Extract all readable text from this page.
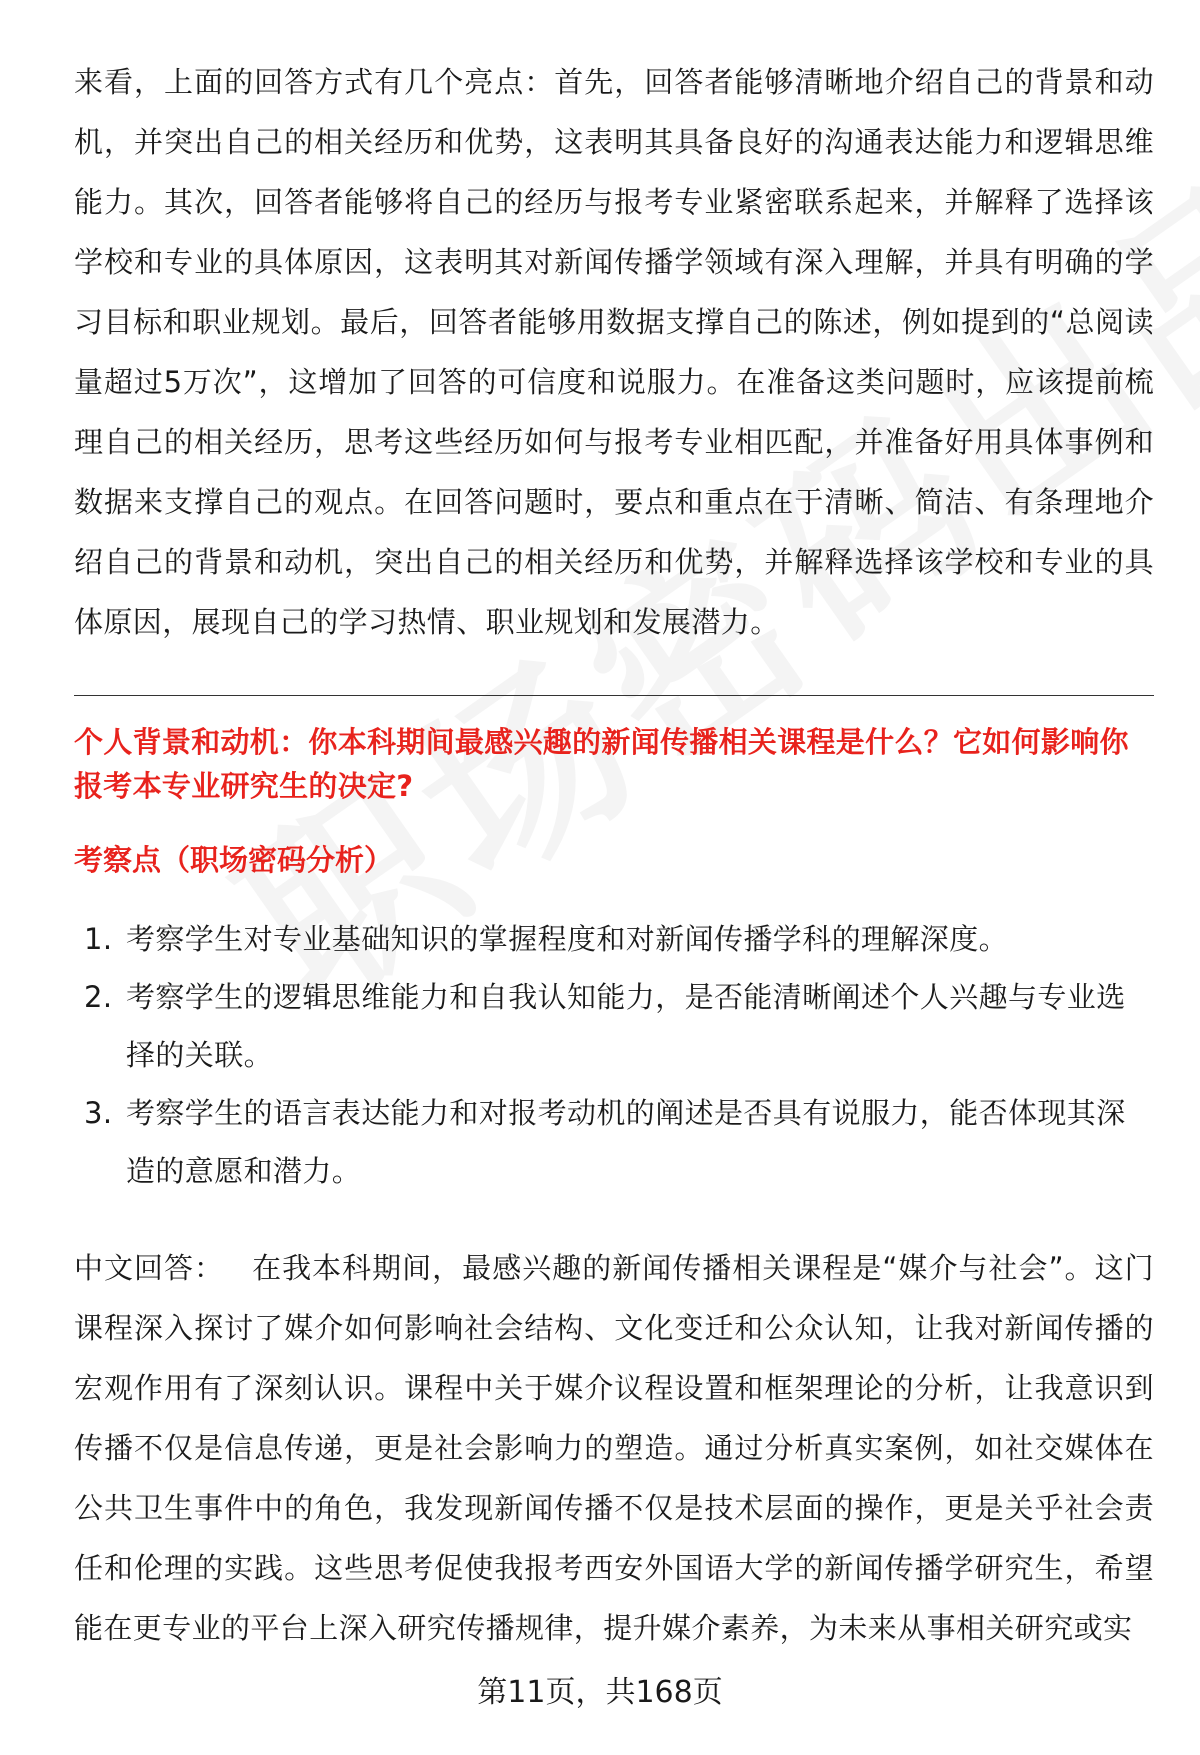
来看，上面的回答方式有几个亮点：首先，回答者能够清晰地介绍自己的背景和动机，并突出自己的相关经历和优势，这表明其具备良好的沟通表达能力和逻辑思维能力。其次，回答者能够将自己的经历与报考专业紧密联系起来，并解释了选择该学校和专业的具体原因，这表明其对新闻传播学领域有深入理解，并具有明确的学习目标和职业规划。最后，回答者能够用数据支撑自己的陈述，例如提到的“总阅读量超过5万次”，这增加了回答的可信度和说服力。在准备这类问题时，应该提前梳理自己的相关经历，思考这些经历如何与报考专业相匹配，并准备好用具体事例和数据来支撑自己的观点。在回答问题时，要点和重点在于清晰、简洁、有条理地介绍自己的背景和动机，突出自己的相关经历和优势，并解释选择该学校和专业的具体原因，展现自己的学习热情、职业规划和发展潜力。
个人背景和动机：你本科期间最感兴趣的新闻传播相关课程是什么？它如何影响你报考本专业研究生的决定?
考察点（职场密码分析）
1. 考察学生对专业基础知识的掌握程度和对新闻传播学科的理解深度。
2. 考察学生的逻辑思维能力和自我认知能力，是否能清晰阐述个人兴趣与专业选择的关联。
3. 考察学生的语言表达能力和对报考动机的阐述是否具有说服力，能否体现其深造的意愿和潜力。
中文回答： 在我本科期间，最感兴趣的新闻传播相关课程是“媒介与社会”。这门课程深入探讨了媒介如何影响社会结构、文化变迁和公众认知，让我对新闻传播的宏观作用有了深刻认识。课程中关于媒介议程设置和框架理论的分析，让我意识到传播不仅是信息传递，更是社会影响力的塑造。通过分析真实案例，如社交媒体在公共卫生事件中的角色，我发现新闻传播不仅是技术层面的操作，更是关乎社会责任和伦理的实践。这些思考促使我报考西安外国语大学的新闻传播学研究生，希望能在更专业的平台上深入研究传播规律，提升媒介素养，为未来从事相关研究或实
第11页，共168页
